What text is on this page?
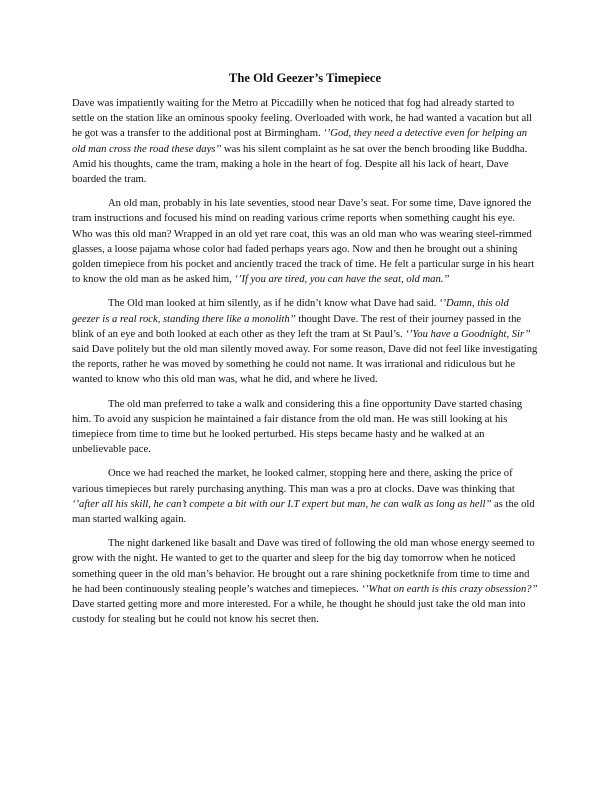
The Old Geezer’s Timepiece

Dave was impatiently waiting for the Metro at Piccadilly when he noticed that fog had already started to settle on the station like an ominous spooky feeling. Overloaded with work, he had wanted a vacation but all he got was a transfer to the additional post at Birmingham. ‘’God, they need a detective even for helping an old man cross the road these days’’ was his silent complaint as he sat over the bench brooding like Buddha. Amid his thoughts, came the tram, making a hole in the heart of fog. Despite all his lack of heart, Dave boarded the tram.

An old man, probably in his late seventies, stood near Dave’s seat. For some time, Dave ignored the tram instructions and focused his mind on reading various crime reports when something caught his eye. Who was this old man? Wrapped in an old yet rare coat, this was an old man who was wearing steel-rimmed glasses, a loose pajama whose color had faded perhaps years ago. Now and then he brought out a shining golden timepiece from his pocket and anciently traced the track of time. He felt a particular surge in his heart to know the old man as he asked him, ‘’If you are tired, you can have the seat, old man.’’

The Old man looked at him silently, as if he didn’t know what Dave had said. ‘’Damn, this old geezer is a real rock, standing there like a monolith’’ thought Dave. The rest of their journey passed in the blink of an eye and both looked at each other as they left the tram at St Paul’s. ‘’You have a Goodnight, Sir’’ said Dave politely but the old man silently moved away. For some reason, Dave did not feel like investigating the reports, rather he was moved by something he could not name. It was irrational and ridiculous but he wanted to know who this old man was, what he did, and where he lived.

The old man preferred to take a walk and considering this a fine opportunity Dave started chasing him. To avoid any suspicion he maintained a fair distance from the old man. He was still looking at his timepiece from time to time but he looked perturbed. His steps became hasty and he walked at an unbelievable pace.

Once we had reached the market, he looked calmer, stopping here and there, asking the price of various timepieces but rarely purchasing anything. This man was a pro at clocks. Dave was thinking that ‘’after all his skill, he can’t compete a bit with our I.T expert but man, he can walk as long as hell’’ as the old man started walking again.

The night darkened like basalt and Dave was tired of following the old man whose energy seemed to grow with the night. He wanted to get to the quarter and sleep for the big day tomorrow when he noticed something queer in the old man’s behavior. He brought out a rare shining pocketknife from time to time and he had been continuously stealing people’s watches and timepieces. ‘’What on earth is this crazy obsession?’’ Dave started getting more and more interested. For a while, he thought he should just take the old man into custody for stealing but he could not know his secret then.
